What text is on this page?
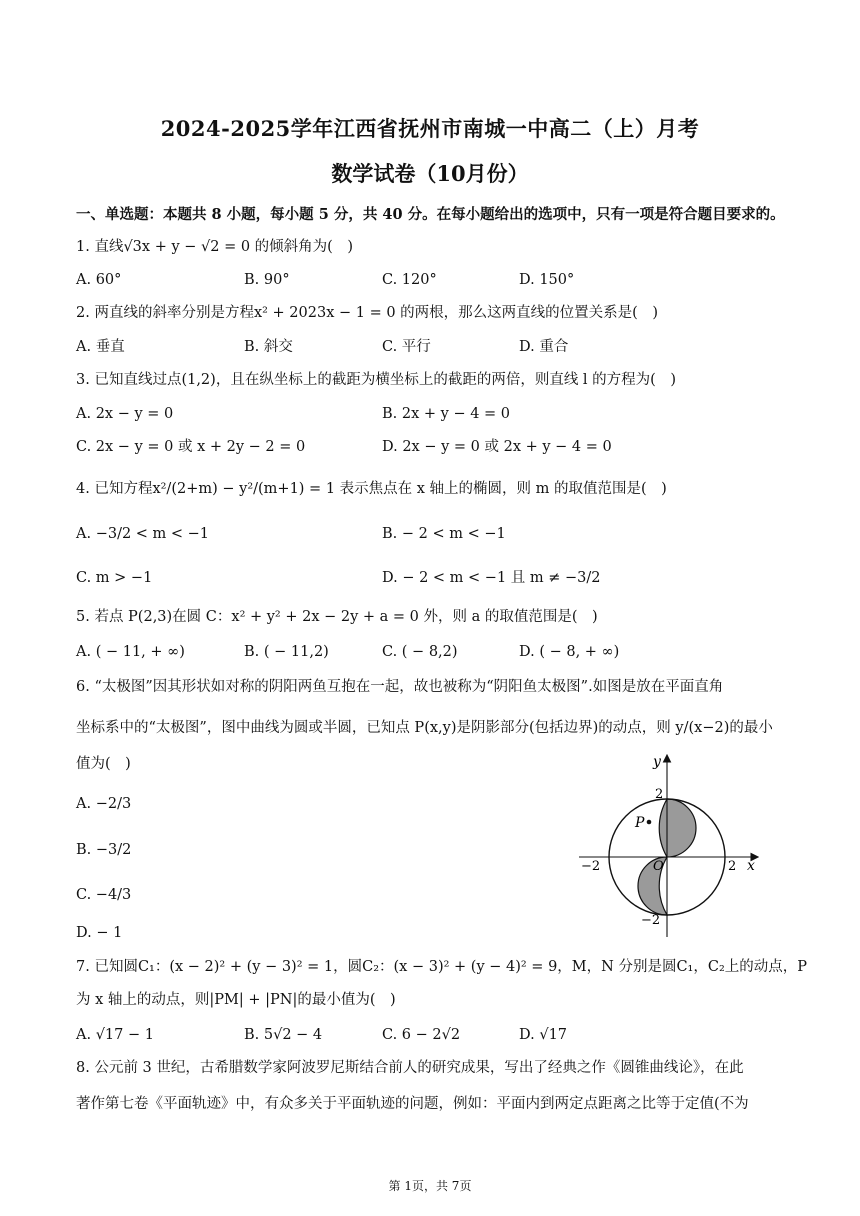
2024-2025学年江西省抚州市南城一中高二（上）月考
数学试卷（10月份）
一、单选题：本题共 8 小题，每小题 5 分，共 40 分。在每小题给出的选项中，只有一项是符合题目要求的。
1. 直线√3x + y − √2 = 0 的倾斜角为(　)
A. 60°	B. 90°	C. 120°	D. 150°
2. 两直线的斜率分别是方程x² + 2023x − 1 = 0 的两根，那么这两直线的位置关系是(　)
A. 垂直	B. 斜交	C. 平行	D. 重合
3. 已知直线过点(1,2)，且在纵坐标上的截距为横坐标上的截距的两倍，则直线 l 的方程为(　)
A. 2x − y = 0	B. 2x + y − 4 = 0
C. 2x − y = 0 或 x + 2y − 2 = 0	D. 2x − y = 0 或 2x + y − 4 = 0
4. 已知方程x²/(2+m) − y²/(m+1) = 1 表示焦点在 x 轴上的椭圆，则 m 的取值范围是(　)
A. −3/2 < m < −1	B. − 2 < m < −1
C. m > −1	D. − 2 < m < −1 且 m ≠ −3/2
5. 若点 P(2,3)在圆 C：x² + y² + 2x − 2y + a = 0 外，则 a 的取值范围是(　)
A. ( − 11, + ∞)	B. ( − 11,2)	C. ( − 8,2)	D. ( − 8, + ∞)
6. “太极图”因其形状如对称的阴阳两鱼互抱在一起，故也被称为“阴阳鱼太极图”.如图是放在平面直角
坐标系中的“太极图”，图中曲线为圆或半圆，已知点 P(x,y)是阴影部分(包括边界)的动点，则 y/(x−2)的最小
值为(　)
A. −2/3
B. −3/2
C. −4/3
D. − 1
P
y
x
O
2
−2
−2	2
7. 已知圆C₁：(x − 2)² + (y − 3)² = 1，圆C₂：(x − 3)² + (y − 4)² = 9，M，N 分别是圆C₁，C₂上的动点，P
为 x 轴上的动点，则|PM| + |PN|的最小值为(　)
A. √17 − 1	B. 5√2 − 4	C. 6 − 2√2	D. √17
8. 公元前 3 世纪，古希腊数学家阿波罗尼斯结合前人的研究成果，写出了经典之作《圆锥曲线论》，在此
著作第七卷《平面轨迹》中，有众多关于平面轨迹的问题，例如：平面内到两定点距离之比等于定值(不为
第 1页，共 7页
